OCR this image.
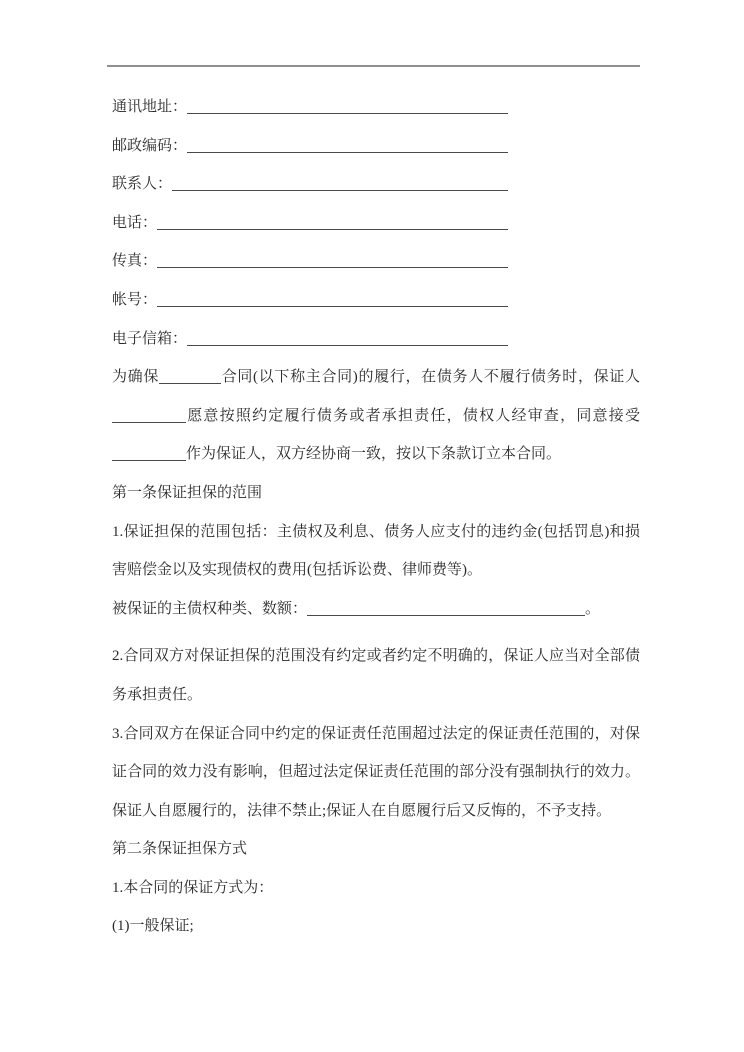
通讯地址：
邮政编码：
联系人：
电话：
传真：
帐号：
电子信箱：
为确保	合同(以下称主合同)的履行，在债务人不履行债务时，保证人
愿意按照约定履行债务或者承担责任，债权人经审查，同意接受
作为保证人，双方经协商一致，按以下条款订立本合同。
第一条保证担保的范围
1.保证担保的范围包括：主债权及利息、债务人应支付的违约金(包括罚息)和损
害赔偿金以及实现债权的费用(包括诉讼费、律师费等)。
被保证的主债权种类、数额：	。
2.合同双方对保证担保的范围没有约定或者约定不明确的，保证人应当对全部债
务承担责任。
3.合同双方在保证合同中约定的保证责任范围超过法定的保证责任范围的，对保
证合同的效力没有影响，但超过法定保证责任范围的部分没有强制执行的效力。
保证人自愿履行的，法律不禁止;保证人在自愿履行后又反悔的，不予支持。
第二条保证担保方式
1.本合同的保证方式为：
(1)一般保证;
